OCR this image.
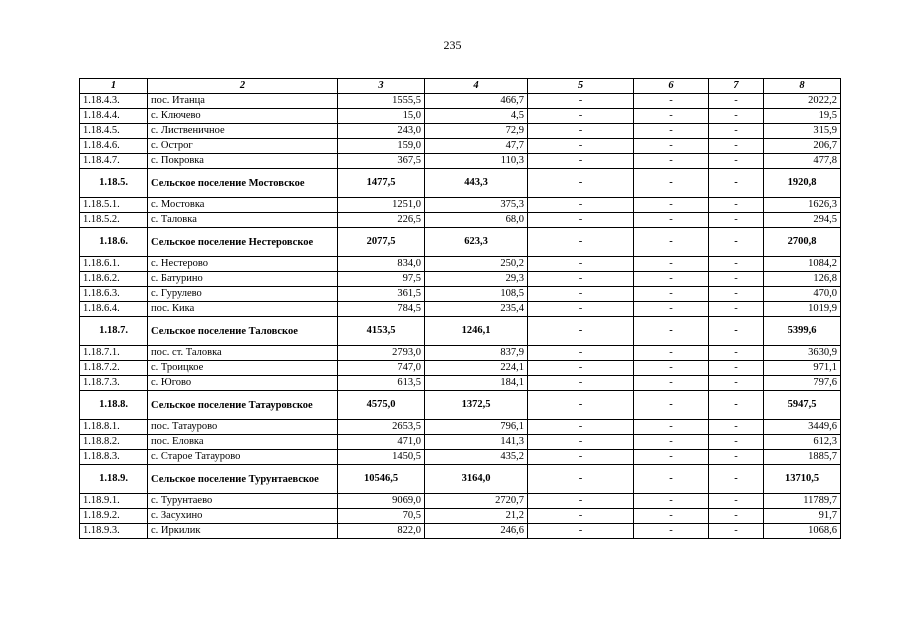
235
1	2	3	4	5	6	7	8
1.18.4.3.	пос. Итанца	1555,5	466,7	-	-	-	2022,2
1.18.4.4.	с. Ключево	15,0	4,5	-	-	-	19,5
1.18.4.5.	с. Лиственичное	243,0	72,9	-	-	-	315,9
1.18.4.6.	с. Острог	159,0	47,7	-	-	-	206,7
1.18.4.7.	с. Покровка	367,5	110,3	-	-	-	477,8
1.18.5.	Сельское поселение Мостовское	1477,5	443,3	-	-	-	1920,8
1.18.5.1.	с. Мостовка	1251,0	375,3	-	-	-	1626,3
1.18.5.2.	с. Таловка	226,5	68,0	-	-	-	294,5
1.18.6.	Сельское поселение Нестеровское	2077,5	623,3	-	-	-	2700,8
1.18.6.1.	с. Нестерово	834,0	250,2	-	-	-	1084,2
1.18.6.2.	с. Батурино	97,5	29,3	-	-	-	126,8
1.18.6.3.	с. Гурулево	361,5	108,5	-	-	-	470,0
1.18.6.4.	пос. Кика	784,5	235,4	-	-	-	1019,9
1.18.7.	Сельское поселение Таловское	4153,5	1246,1	-	-	-	5399,6
1.18.7.1.	пос. ст. Таловка	2793,0	837,9	-	-	-	3630,9
1.18.7.2.	с. Троицкое	747,0	224,1	-	-	-	971,1
1.18.7.3.	с. Югово	613,5	184,1	-	-	-	797,6
1.18.8.	Сельское поселение Татауровское	4575,0	1372,5	-	-	-	5947,5
1.18.8.1.	пос. Татаурово	2653,5	796,1	-	-	-	3449,6
1.18.8.2.	пос. Еловка	471,0	141,3	-	-	-	612,3
1.18.8.3.	с. Старое Татаурово	1450,5	435,2	-	-	-	1885,7
1.18.9.	Сельское поселение Турунтаевское	10546,5	3164,0	-	-	-	13710,5
1.18.9.1.	с. Турунтаево	9069,0	2720,7	-	-	-	11789,7
1.18.9.2.	с. Засухино	70,5	21,2	-	-	-	91,7
1.18.9.3.	с. Иркилик	822,0	246,6	-	-	-	1068,6
